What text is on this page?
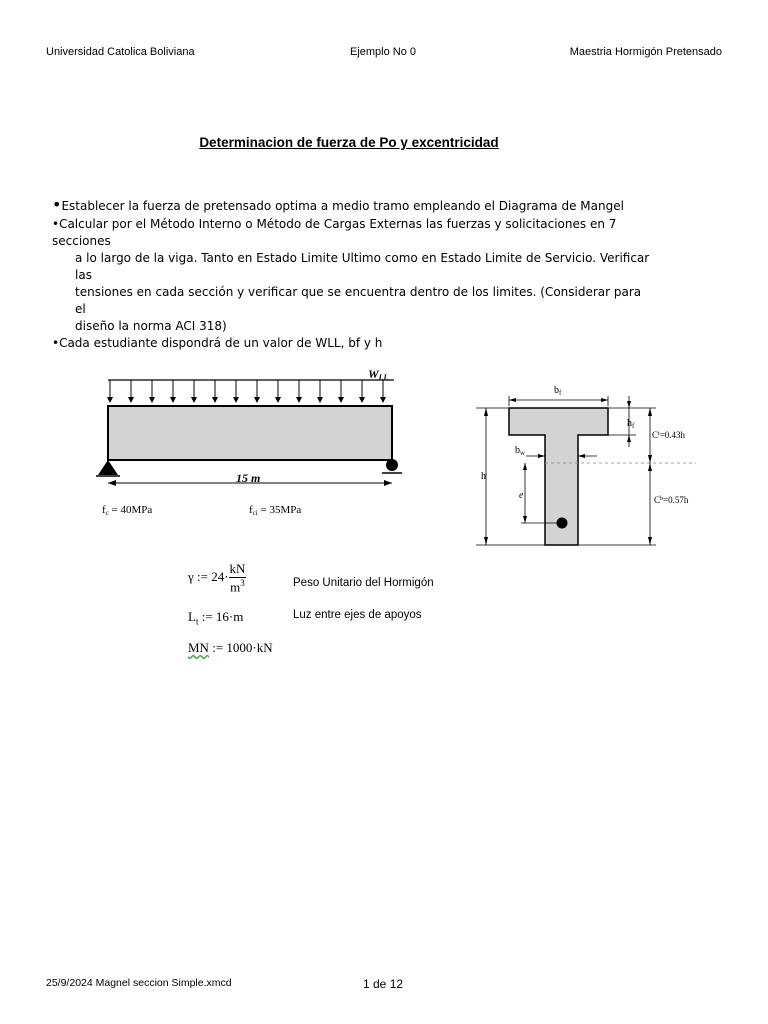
Universidad Catolica Boliviana	Ejemplo No 0	Maestria Hormigón Pretensado
Determinacion de fuerza de Po y excentricidad
•Establecer la fuerza de pretensado optima a medio tramo empleando el Diagrama de Mangel
•Calcular por el Método Interno o Método de Cargas Externas las fuerzas y solicitaciones en 7 secciones
a lo largo de la viga. Tanto en Estado Limite Ultimo como en Estado Limite de Servicio. Verificar las
tensiones en cada sección y verificar que se encuentra dentro de los limites. (Considerar para el
diseño la norma ACI 318)
•Cada estudiante dispondrá de un valor de WLL, bf y h
WLL
15 m
fc = 40MPa	fci = 35MPa
$b_f$
h
$h_f$
$b_w$
e
$C^t=0.43h$
$C^b=0.57h$
γ := $24\cdot \frac{kN}{m^3}$	Peso Unitario del Hormigón
$L_t$ := 16·m	Luz entre ejes de apoyos
MN := 1000·kN
25/9/2024 Magnel seccion Simple.xmcd	1 de 12
